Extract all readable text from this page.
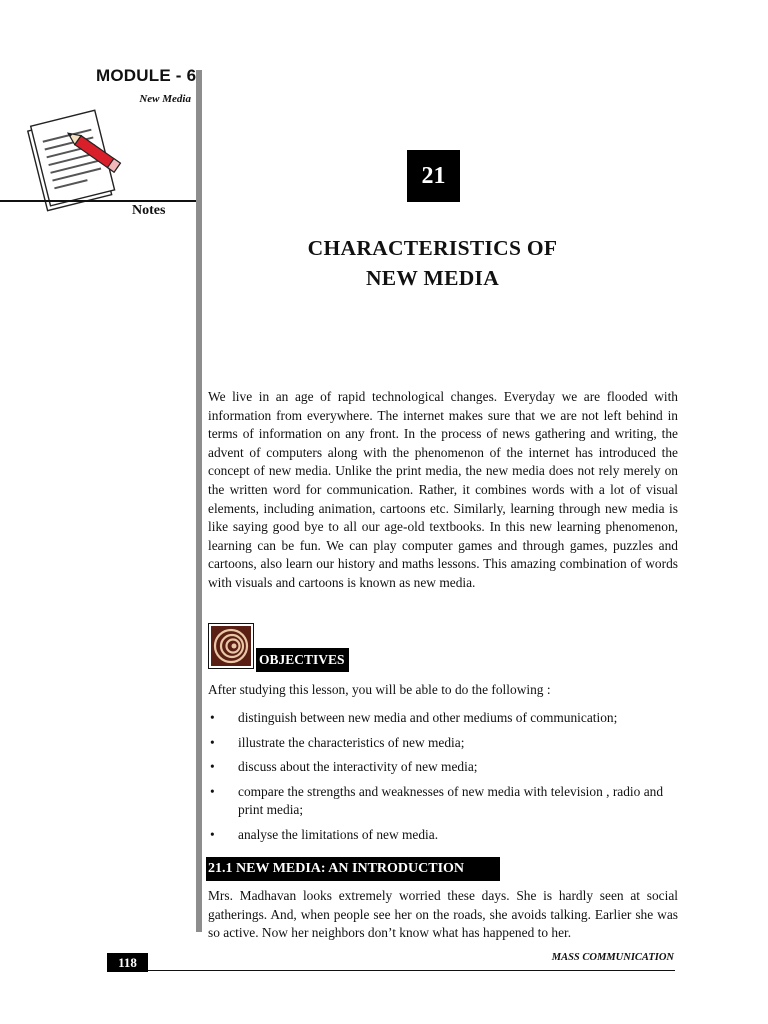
MODULE - 6
New Media
Notes
21
CHARACTERISTICS OF
NEW MEDIA
We live in an age of rapid technological changes. Everyday we are flooded with information from everywhere. The internet makes sure that we are not left behind in terms of information on any front. In the process of news gathering and writing, the advent of computers along with the phenomenon of the internet has introduced the concept of new media. Unlike the print media, the new media does not rely merely on the written word for communication. Rather, it combines words with a lot of visual elements, including animation, cartoons etc. Similarly, learning through new media is like saying good bye to all our age-old textbooks. In this new learning phenomenon, learning can be fun. We can play computer games and through games, puzzles and cartoons, also learn our history and maths lessons. This amazing combination of words with visuals and cartoons is known as new media.
OBJECTIVES
After studying this lesson, you will be able to do the following :
• distinguish between new media and other mediums of communication;
• illustrate the characteristics of new media;
• discuss about the interactivity of new media;
• compare the strengths and weaknesses of new media with television , radio and print media;
• analyse the limitations of new media.
21.1 NEW MEDIA: AN INTRODUCTION
Mrs. Madhavan looks extremely worried these days. She is hardly seen at social gatherings. And, when people see her on the roads, she avoids talking. Earlier she was so active. Now her neighbors don’t know what has happened to her.
118	MASS COMMUNICATION
